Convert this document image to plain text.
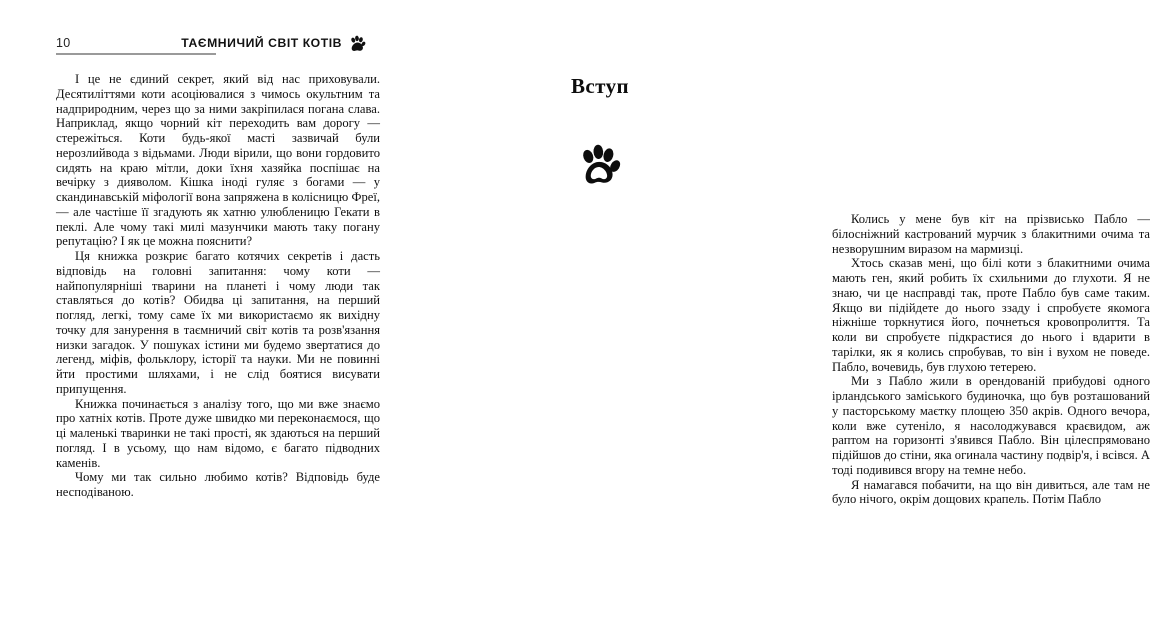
10	ТАЄМНИЧИЙ СВІТ КОТІВ

І це не єдиний секрет, який від нас приховували. Десятиліттями коти асоціювалися з чимось окультним та надприродним, через що за ними закріпилася погана слава. Наприклад, якщо чорний кіт переходить вам дорогу — стережіться. Коти будь-якої масті зазвичай були нерозлийвода з відьмами. Люди вірили, що вони гордовито сидять на краю мітли, доки їхня хазяйка поспішає на вечірку з дияволом. Кішка іноді гуляє з богами — у скандинавській міфології вона запряжена в колісницю Фреї, — але частіше її згадують як хатню улюбленицю Гекати в пеклі. Але чому такі милі мазунчики мають таку погану репутацію? І як це можна пояснити?

Ця книжка розкриє багато котячих секретів і дасть відповідь на головні запитання: чому коти — найпопулярніші тварини на планеті і чому люди так ставляться до котів? Обидва ці запитання, на перший погляд, легкі, тому саме їх ми використаємо як вихідну точку для занурення в таємничий світ котів та розв'язання низки загадок. У пошуках істини ми будемо звертатися до легенд, міфів, фольклору, історії та науки. Ми не повинні йти простими шляхами, і не слід боятися висувати припущення.

Книжка починається з аналізу того, що ми вже знаємо про хатніх котів. Проте дуже швидко ми переконаємося, що ці маленькі тваринки не такі прості, як здаються на перший погляд. І в усьому, що нам відомо, є багато підводних каменів.

Чому ми так сильно любимо котів? Відповідь буде несподіваною.

Вступ

Колись у мене був кіт на прізвисько Пабло — білосніжний кастрований мурчик з блакитними очима та незворушним виразом на мармизці.

Хтось сказав мені, що білі коти з блакитними очима мають ген, який робить їх схильними до глухоти. Я не знаю, чи це насправді так, проте Пабло був саме таким. Якщо ви підійдете до нього ззаду і спробуєте якомога ніжніше торкнутися його, почнеться кровопролиття. Та коли ви спробуєте підкрастися до нього і вдарити в тарілки, як я колись спробував, то він і вухом не поведе. Пабло, вочевидь, був глухою тетерею.

Ми з Пабло жили в орендованій прибудові одного ірландського заміського будиночка, що був розташований у пасторському маєтку площею 350 акрів. Одного вечора, коли вже сутеніло, я насолоджувався краєвидом, аж раптом на горизонті з'явився Пабло. Він цілеспрямовано підійшов до стіни, яка огинала частину подвір'я, і всівся. А тоді подивився вгору на темне небо.

Я намагався побачити, на що він дивиться, але там не було нічого, окрім дощових крапель. Потім Пабло
